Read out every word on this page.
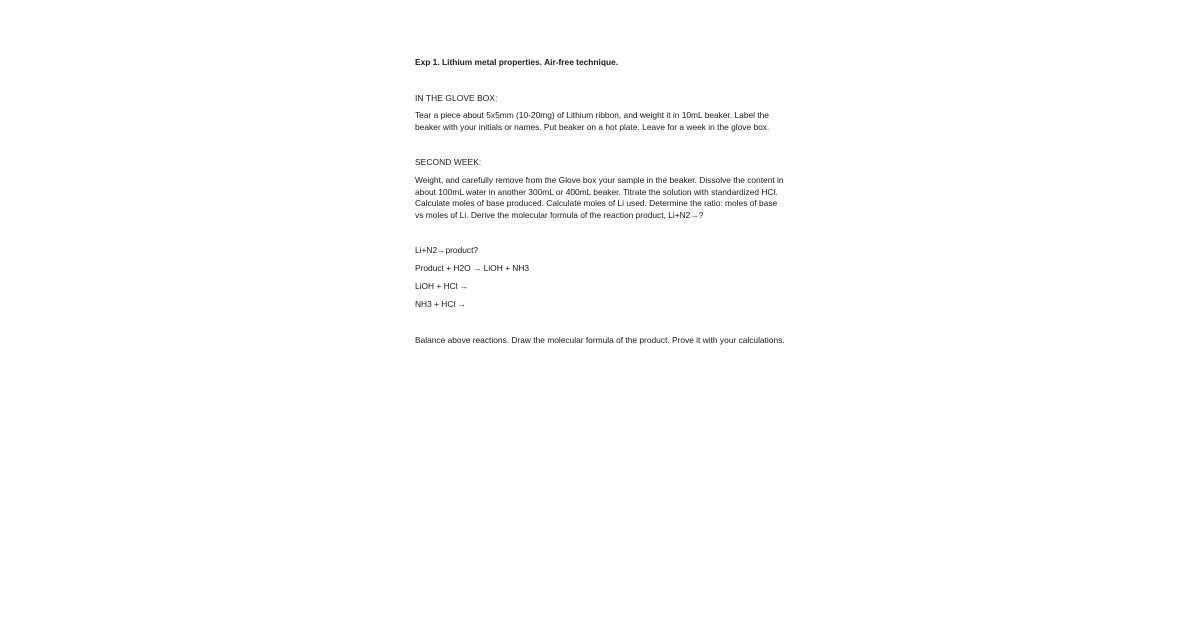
Exp 1. Lithium metal properties. Air-free technique.
IN THE GLOVE BOX:
Tear a piece about 5x5mm (10-20mg) of Lithium ribbon, and weight it in 10mL beaker. Label the beaker with your initials or names. Put beaker on a hot plate. Leave for a week in the glove box.
SECOND WEEK:
Weight, and carefully remove from the Glove box your sample in the beaker. Dissolve the content in about 100mL water in another 300mL or 400mL beaker. Titrate the solution with standardized HCl. Calculate moles of base produced. Calculate moles of Li used. Determine the ratio: moles of base vs moles of Li. Derive the molecular formula of the reaction product, Li+N2→?
Li+N2→product?
Product + H2O → LiOH + NH3
LiOH + HCl →
NH3 + HCl →
Balance above reactions. Draw the molecular formula of the product. Prove it with your calculations.
